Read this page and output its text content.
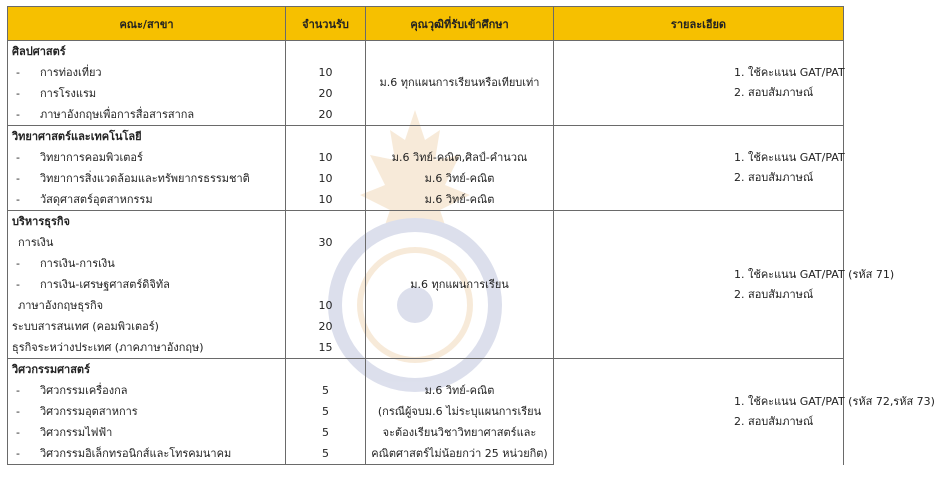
คณะ/สาขา	จำนวนรับ	คุณวุฒิที่รับเข้าศึกษา	รายละเอียด
ศิลปศาสตร์		ม.6 ทุกแผนการเรียนหรือเทียบเท่า	1. ใช้คะแนน GAT/PAT
2. สอบสัมภาษณ์
- การท่องเที่ยว	10		
- การโรงแรม	20		
- ภาษาอังกฤษเพื่อการสื่อสารสากล	20		
วิทยาศาสตร์และเทคโนโลยี			1. ใช้คะแนน GAT/PAT
2. สอบสัมภาษณ์
- วิทยาการคอมพิวเตอร์	10	ม.6 วิทย์-คณิต,ศิลป์-คำนวณ	
- วิทยาการสิ่งแวดล้อมและทรัพยากรธรรมชาติ	10	ม.6 วิทย์-คณิต	
- วัสดุศาสตร์อุตสาหกรรม	10	ม.6 วิทย์-คณิต	
บริหารธุรกิจ		ม.6 ทุกแผนการเรียน	1. ใช้คะแนน GAT/PAT (รหัส 71)
2. สอบสัมภาษณ์
การเงิน	30		
- การเงิน-การเงิน			
- การเงิน-เศรษฐศาสตร์ดิจิทัล			
ภาษาอังกฤษธุรกิจ	10		
ระบบสารสนเทศ (คอมพิวเตอร์)	20		
ธุรกิจระหว่างประเทศ (ภาคภาษาอังกฤษ)	15		
วิศวกรรมศาสตร์			1. ใช้คะแนน GAT/PAT (รหัส 72,รหัส 73)
2. สอบสัมภาษณ์
- วิศวกรรมเครื่องกล	5	ม.6 วิทย์-คณิต	
- วิศวกรรมอุตสาหการ	5	(กรณีผู้จบม.6 ไม่ระบุแผนการเรียน	
- วิศวกรรมไฟฟ้า	5	จะต้องเรียนวิชาวิทยาศาสตร์และ	
- วิศวกรรมอิเล็กทรอนิกส์และโทรคมนาคม	5	คณิตศาสตร์ไม่น้อยกว่า 25 หน่วยกิต)	
